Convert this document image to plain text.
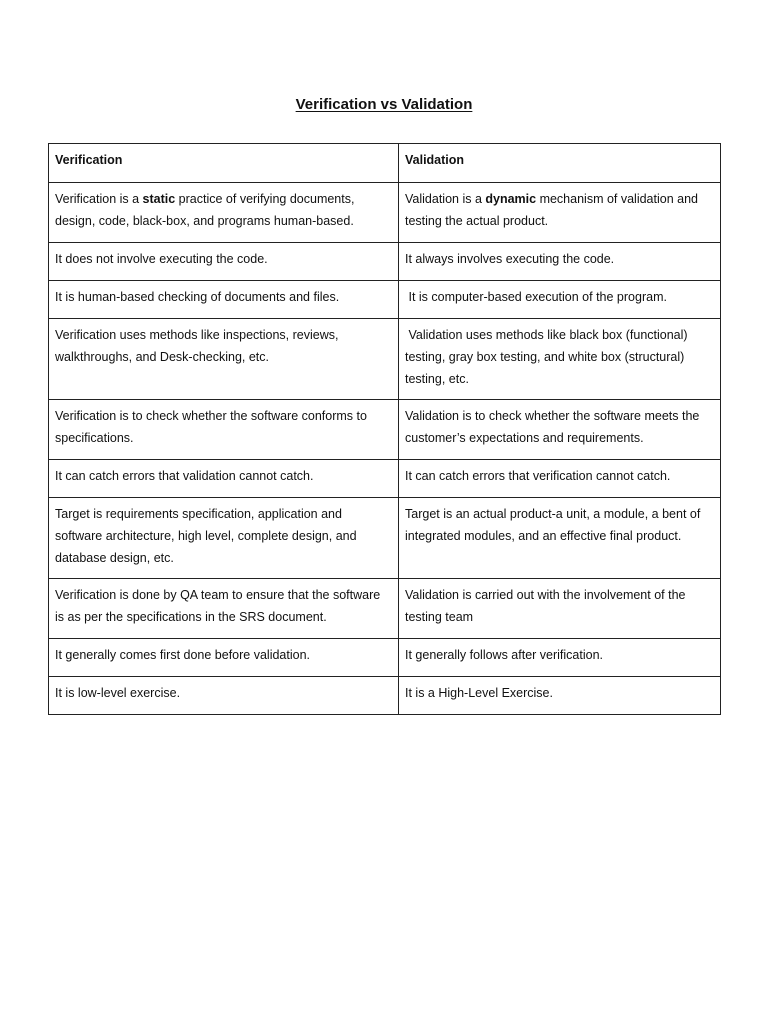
Verification vs Validation
Verification	Validation
Verification is a static practice of verifying documents, design, code, black-box, and programs human-based.	Validation is a dynamic mechanism of validation and testing the actual product.
It does not involve executing the code.	It always involves executing the code.
It is human-based checking of documents and files.	It is computer-based execution of the program.
Verification uses methods like inspections, reviews, walkthroughs, and Desk-checking, etc.	Validation uses methods like black box (functional) testing, gray box testing, and white box (structural) testing, etc.
Verification is to check whether the software conforms to specifications.	Validation is to check whether the software meets the customer’s expectations and requirements.
It can catch errors that validation cannot catch.	It can catch errors that verification cannot catch.
Target is requirements specification, application and software architecture, high level, complete design, and database design, etc.	Target is an actual product-a unit, a module, a bent of integrated modules, and an effective final product.
Verification is done by QA team to ensure that the software is as per the specifications in the SRS document.	Validation is carried out with the involvement of the testing team
It generally comes first done before validation.	It generally follows after verification.
It is low-level exercise.	It is a High-Level Exercise.
